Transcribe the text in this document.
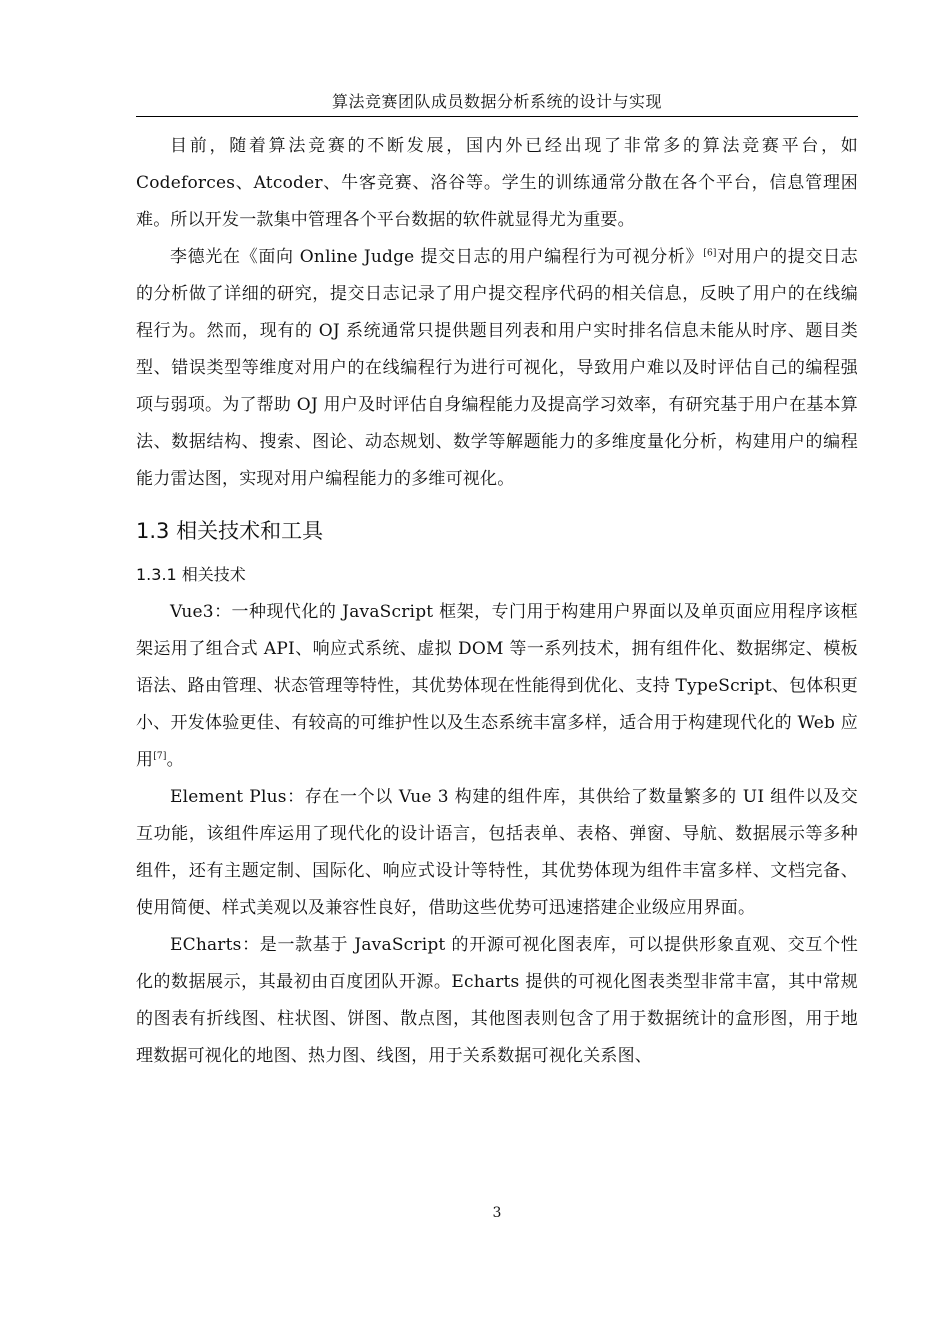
算法竞赛团队成员数据分析系统的设计与实现

目前，随着算法竞赛的不断发展，国内外已经出现了非常多的算法竞赛平台，如Codeforces、Atcoder、牛客竞赛、洛谷等。学生的训练通常分散在各个平台，信息管理困难。所以开发一款集中管理各个平台数据的软件就显得尤为重要。

李德光在《面向 Online Judge 提交日志的用户编程行为可视分析》[6]对用户的提交日志的分析做了详细的研究，提交日志记录了用户提交程序代码的相关信息，反映了用户的在线编程行为。然而，现有的 OJ 系统通常只提供题目列表和用户实时排名信息未能从时序、题目类型、错误类型等维度对用户的在线编程行为进行可视化，导致用户难以及时评估自己的编程强项与弱项。为了帮助 OJ 用户及时评估自身编程能力及提高学习效率，有研究基于用户在基本算法、数据结构、搜索、图论、动态规划、数学等解题能力的多维度量化分析，构建用户的编程能力雷达图，实现对用户编程能力的多维可视化。

1.3 相关技术和工具
1.3.1 相关技术

Vue3：一种现代化的 JavaScript 框架，专门用于构建用户界面以及单页面应用程序该框架运用了组合式 API、响应式系统、虚拟 DOM 等一系列技术，拥有组件化、数据绑定、模板语法、路由管理、状态管理等特性，其优势体现在性能得到优化、支持 TypeScript、包体积更小、开发体验更佳、有较高的可维护性以及生态系统丰富多样，适合用于构建现代化的 Web 应用[7]。

Element Plus：存在一个以 Vue 3 构建的组件库，其供给了数量繁多的 UI 组件以及交互功能，该组件库运用了现代化的设计语言，包括表单、表格、弹窗、导航、数据展示等多种组件，还有主题定制、国际化、响应式设计等特性，其优势体现为组件丰富多样、文档完备、使用简便、样式美观以及兼容性良好，借助这些优势可迅速搭建企业级应用界面。

ECharts：是一款基于 JavaScript 的开源可视化图表库，可以提供形象直观、交互个性化的数据展示，其最初由百度团队开源。Echarts 提供的可视化图表类型非常丰富，其中常规的图表有折线图、柱状图、饼图、散点图，其他图表则包含了用于数据统计的盒形图，用于地理数据可视化的地图、热力图、线图，用于关系数据可视化关系图、

3
